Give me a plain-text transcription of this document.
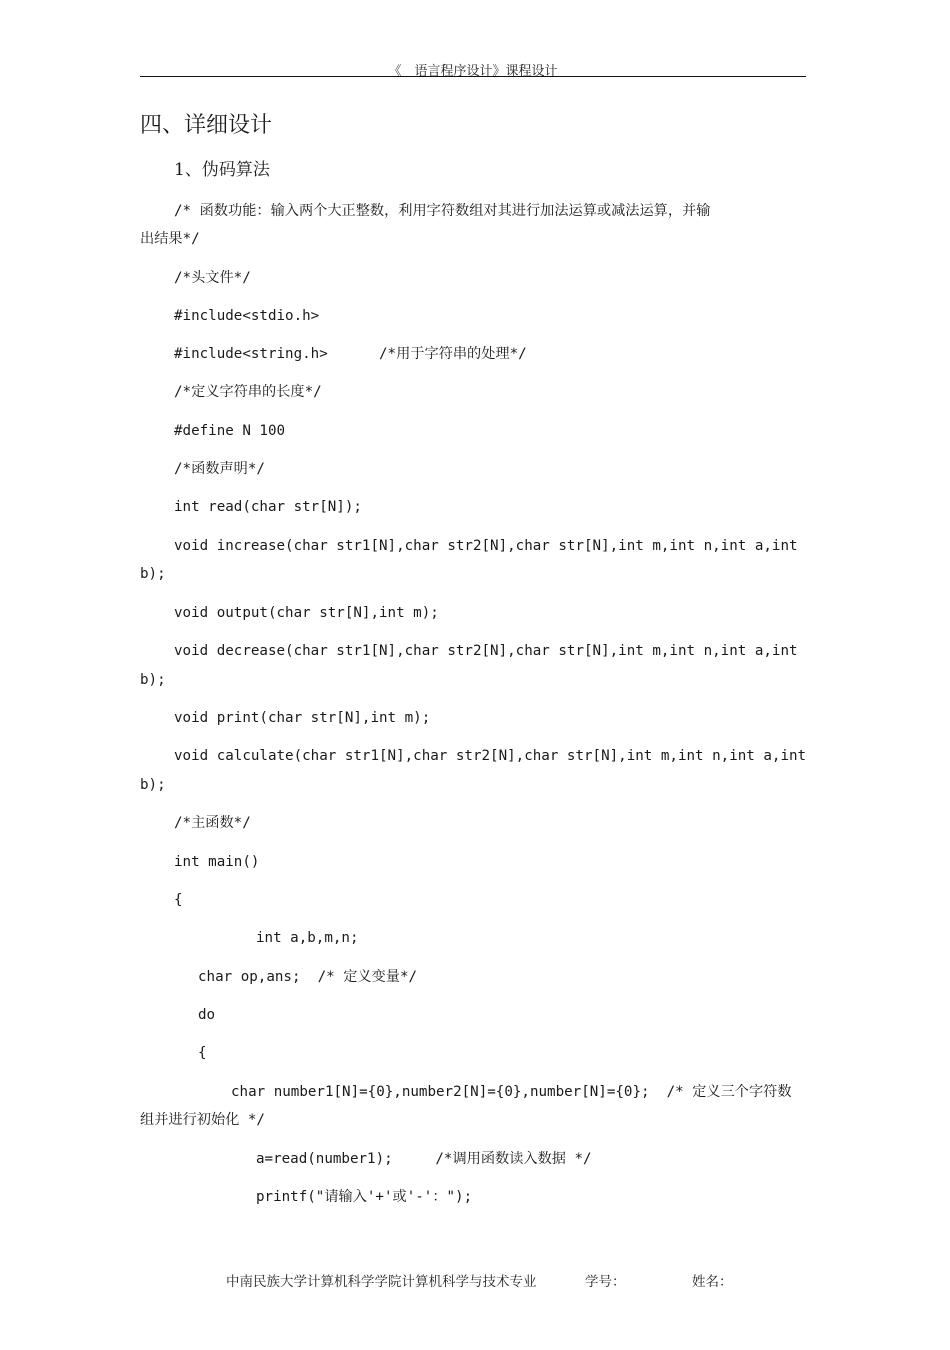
《　语言程序设计》课程设计
四、详细设计
1、伪码算法
/* 函数功能：输入两个大正整数，利用字符数组对其进行加法运算或减法运算，并输
出结果*/
/*头文件*/
#include<stdio.h>
#include<string.h>      /*用于字符串的处理*/
/*定义字符串的长度*/
#define N 100
/*函数声明*/
int read(char str[N]);
void increase(char str1[N],char str2[N],char str[N],int m,int n,int a,int
b);
void output(char str[N],int m);
void decrease(char str1[N],char str2[N],char str[N],int m,int n,int a,int
b);
void print(char str[N],int m);
void calculate(char str1[N],char str2[N],char str[N],int m,int n,int a,int
b);
/*主函数*/
int main()
{
int a,b,m,n;
char op,ans;  /* 定义变量*/
do
{
char number1[N]={0},number2[N]={0},number[N]={0};  /* 定义三个字符数
组并进行初始化 */
a=read(number1);     /*调用函数读入数据 */
printf("请输入'+'或'-'：");

中南民族大学计算机科学学院计算机科学与技术专业

	学号：

	姓名：
